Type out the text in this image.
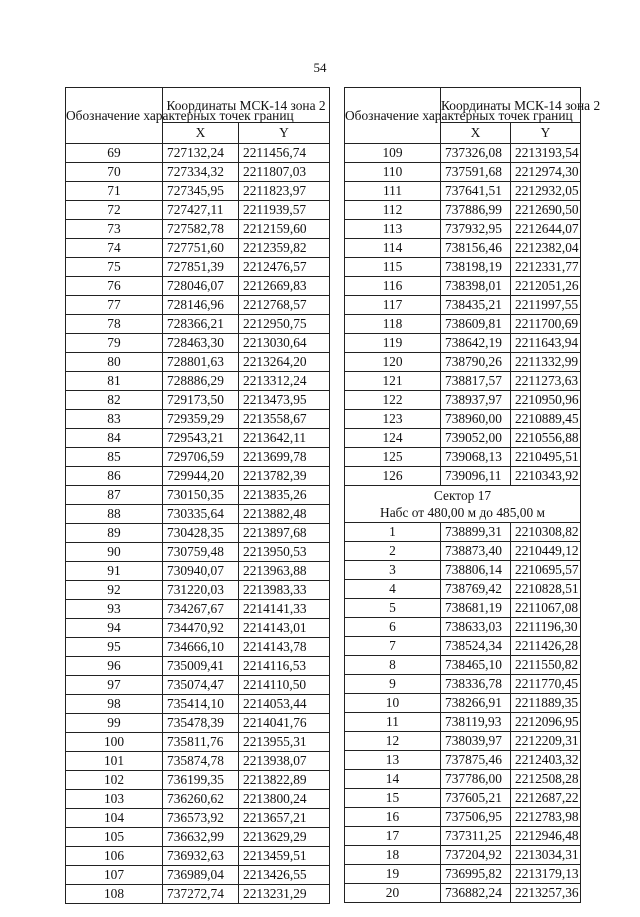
54
Обозначение характерных точек границ	Координаты МСК-14 зона 2	
	X	Y
69	727132,24	2211456,74
70	727334,32	2211807,03
71	727345,95	2211823,97
72	727427,11	2211939,57
73	727582,78	2212159,60
74	727751,60	2212359,82
75	727851,39	2212476,57
76	728046,07	2212669,83
77	728146,96	2212768,57
78	728366,21	2212950,75
79	728463,30	2213030,64
80	728801,63	2213264,20
81	728886,29	2213312,24
82	729173,50	2213473,95
83	729359,29	2213558,67
84	729543,21	2213642,11
85	729706,59	2213699,78
86	729944,20	2213782,39
87	730150,35	2213835,26
88	730335,64	2213882,48
89	730428,35	2213897,68
90	730759,48	2213950,53
91	730940,07	2213963,88
92	731220,03	2213983,33
93	734267,67	2214141,33
94	734470,92	2214143,01
95	734666,10	2214143,78
96	735009,41	2214116,53
97	735074,47	2214110,50
98	735414,10	2214053,44
99	735478,39	2214041,76
100	735811,76	2213955,31
101	735874,78	2213938,07
102	736199,35	2213822,89
103	736260,62	2213800,24
104	736573,92	2213657,21
105	736632,99	2213629,29
106	736932,63	2213459,51
107	736989,04	2213426,55
108	737272,74	2213231,29
Обозначение характерных точек границ	Координаты МСК-14 зона 2	
	X	Y
109	737326,08	2213193,54
110	737591,68	2212974,30
111	737641,51	2212932,05
112	737886,99	2212690,50
113	737932,95	2212644,07
114	738156,46	2212382,04
115	738198,19	2212331,77
116	738398,01	2212051,26
117	738435,21	2211997,55
118	738609,81	2211700,69
119	738642,19	2211643,94
120	738790,26	2211332,99
121	738817,57	2211273,63
122	738937,97	2210950,96
123	738960,00	2210889,45
124	739052,00	2210556,88
125	739068,13	2210495,51
126	739096,11	2210343,92

Сектор 17
Набс от 480,00 м до 485,00 м		

1	738899,31	2210308,82
2	738873,40	2210449,12
3	738806,14	2210695,57
4	738769,42	2210828,51
5	738681,19	2211067,08
6	738633,03	2211196,30
7	738524,34	2211426,28
8	738465,10	2211550,82
9	738336,78	2211770,45
10	738266,91	2211889,35
11	738119,93	2212096,95
12	738039,97	2212209,31
13	737875,46	2212403,32
14	737786,00	2212508,28
15	737605,21	2212687,22
16	737506,95	2212783,98
17	737311,25	2212946,48
18	737204,92	2213034,31
19	736995,82	2213179,13
20	736882,24	2213257,36
